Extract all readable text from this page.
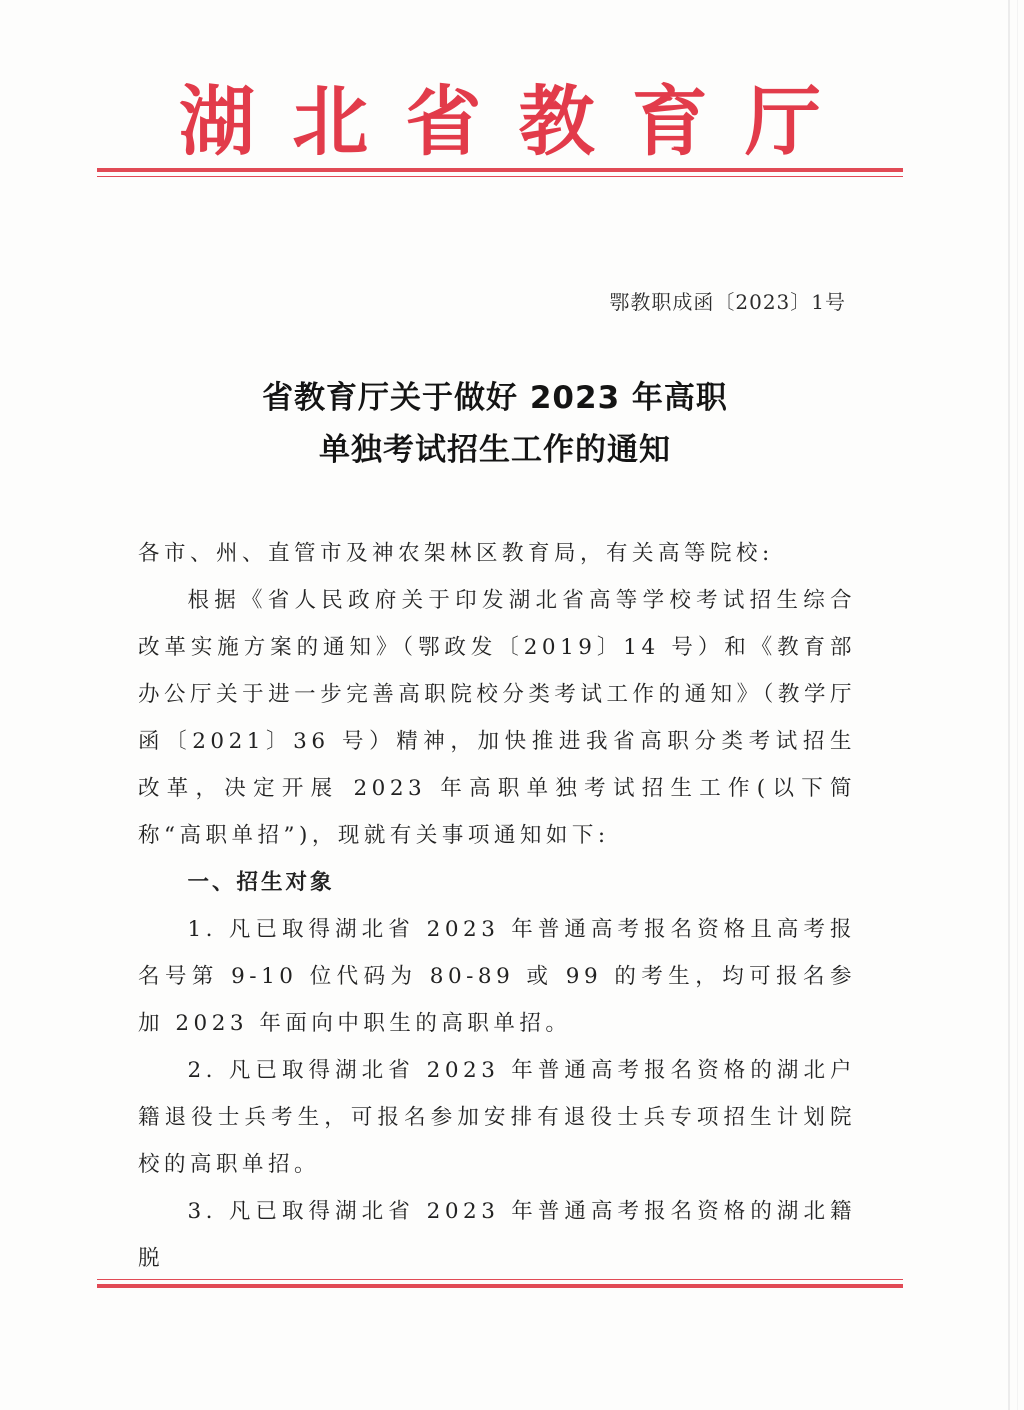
湖 北 省 教 育 厅
鄂教职成函〔2023〕1号
省教育厅关于做好 2023 年高职
单独考试招生工作的通知

各市、州、直管市及神农架林区教育局，有关高等院校:

根据《省人民政府关于印发湖北省高等学校考试招生综合改革实施方案的通知》（鄂政发〔2019〕14 号）和《教育部办公厅关于进一步完善高职院校分类考试工作的通知》（教学厅函〔2021〕36 号）精神，加快推进我省高职分类考试招生改革，决定开展 2023 年高职单独考试招生工作(以下简称“高职单招”)，现就有关事项通知如下:

一、招生对象

1. 凡已取得湖北省 2023 年普通高考报名资格且高考报名号第 9-10 位代码为 80-89 或 99 的考生，均可报名参加 2023 年面向中职生的高职单招。

2. 凡已取得湖北省 2023 年普通高考报名资格的湖北户籍退役士兵考生，可报名参加安排有退役士兵专项招生计划院校的高职单招。

3. 凡已取得湖北省 2023 年普通高考报名资格的湖北籍脱
